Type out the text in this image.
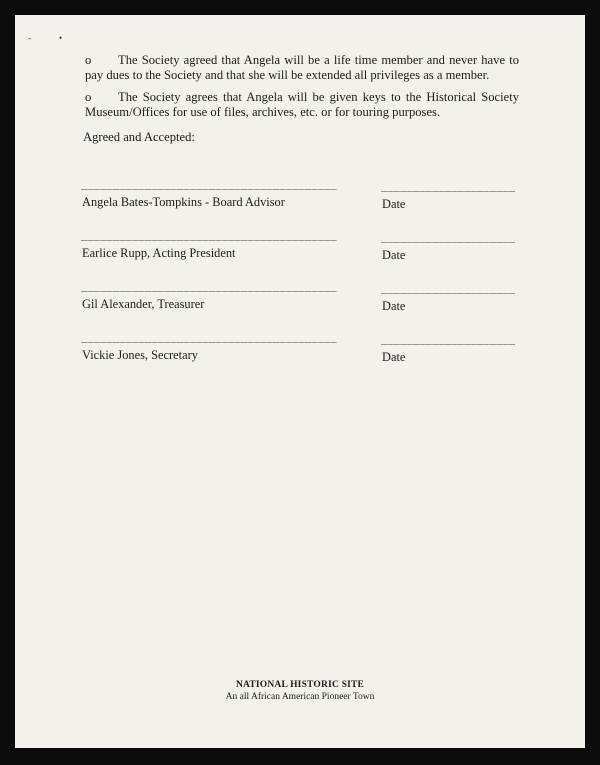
-	•
o The Society agreed that Angela will be a life time member and never have to pay dues to the Society and that she will be extended all privileges as a member.
o The Society agrees that Angela will be given keys to the Historical Society Museum/Offices for use of files, archives, etc. or for touring purposes.
Agreed and Accepted:
________________________________________
Angela Bates-Tompkins - Board Advisor
_____________________
Date
________________________________________
Earlice Rupp, Acting President
_____________________
Date
________________________________________
Gil Alexander, Treasurer
_____________________
Date
________________________________________
Vickie Jones, Secretary
_____________________
Date
NATIONAL HISTORIC SITE
An all African American Pioneer Town
